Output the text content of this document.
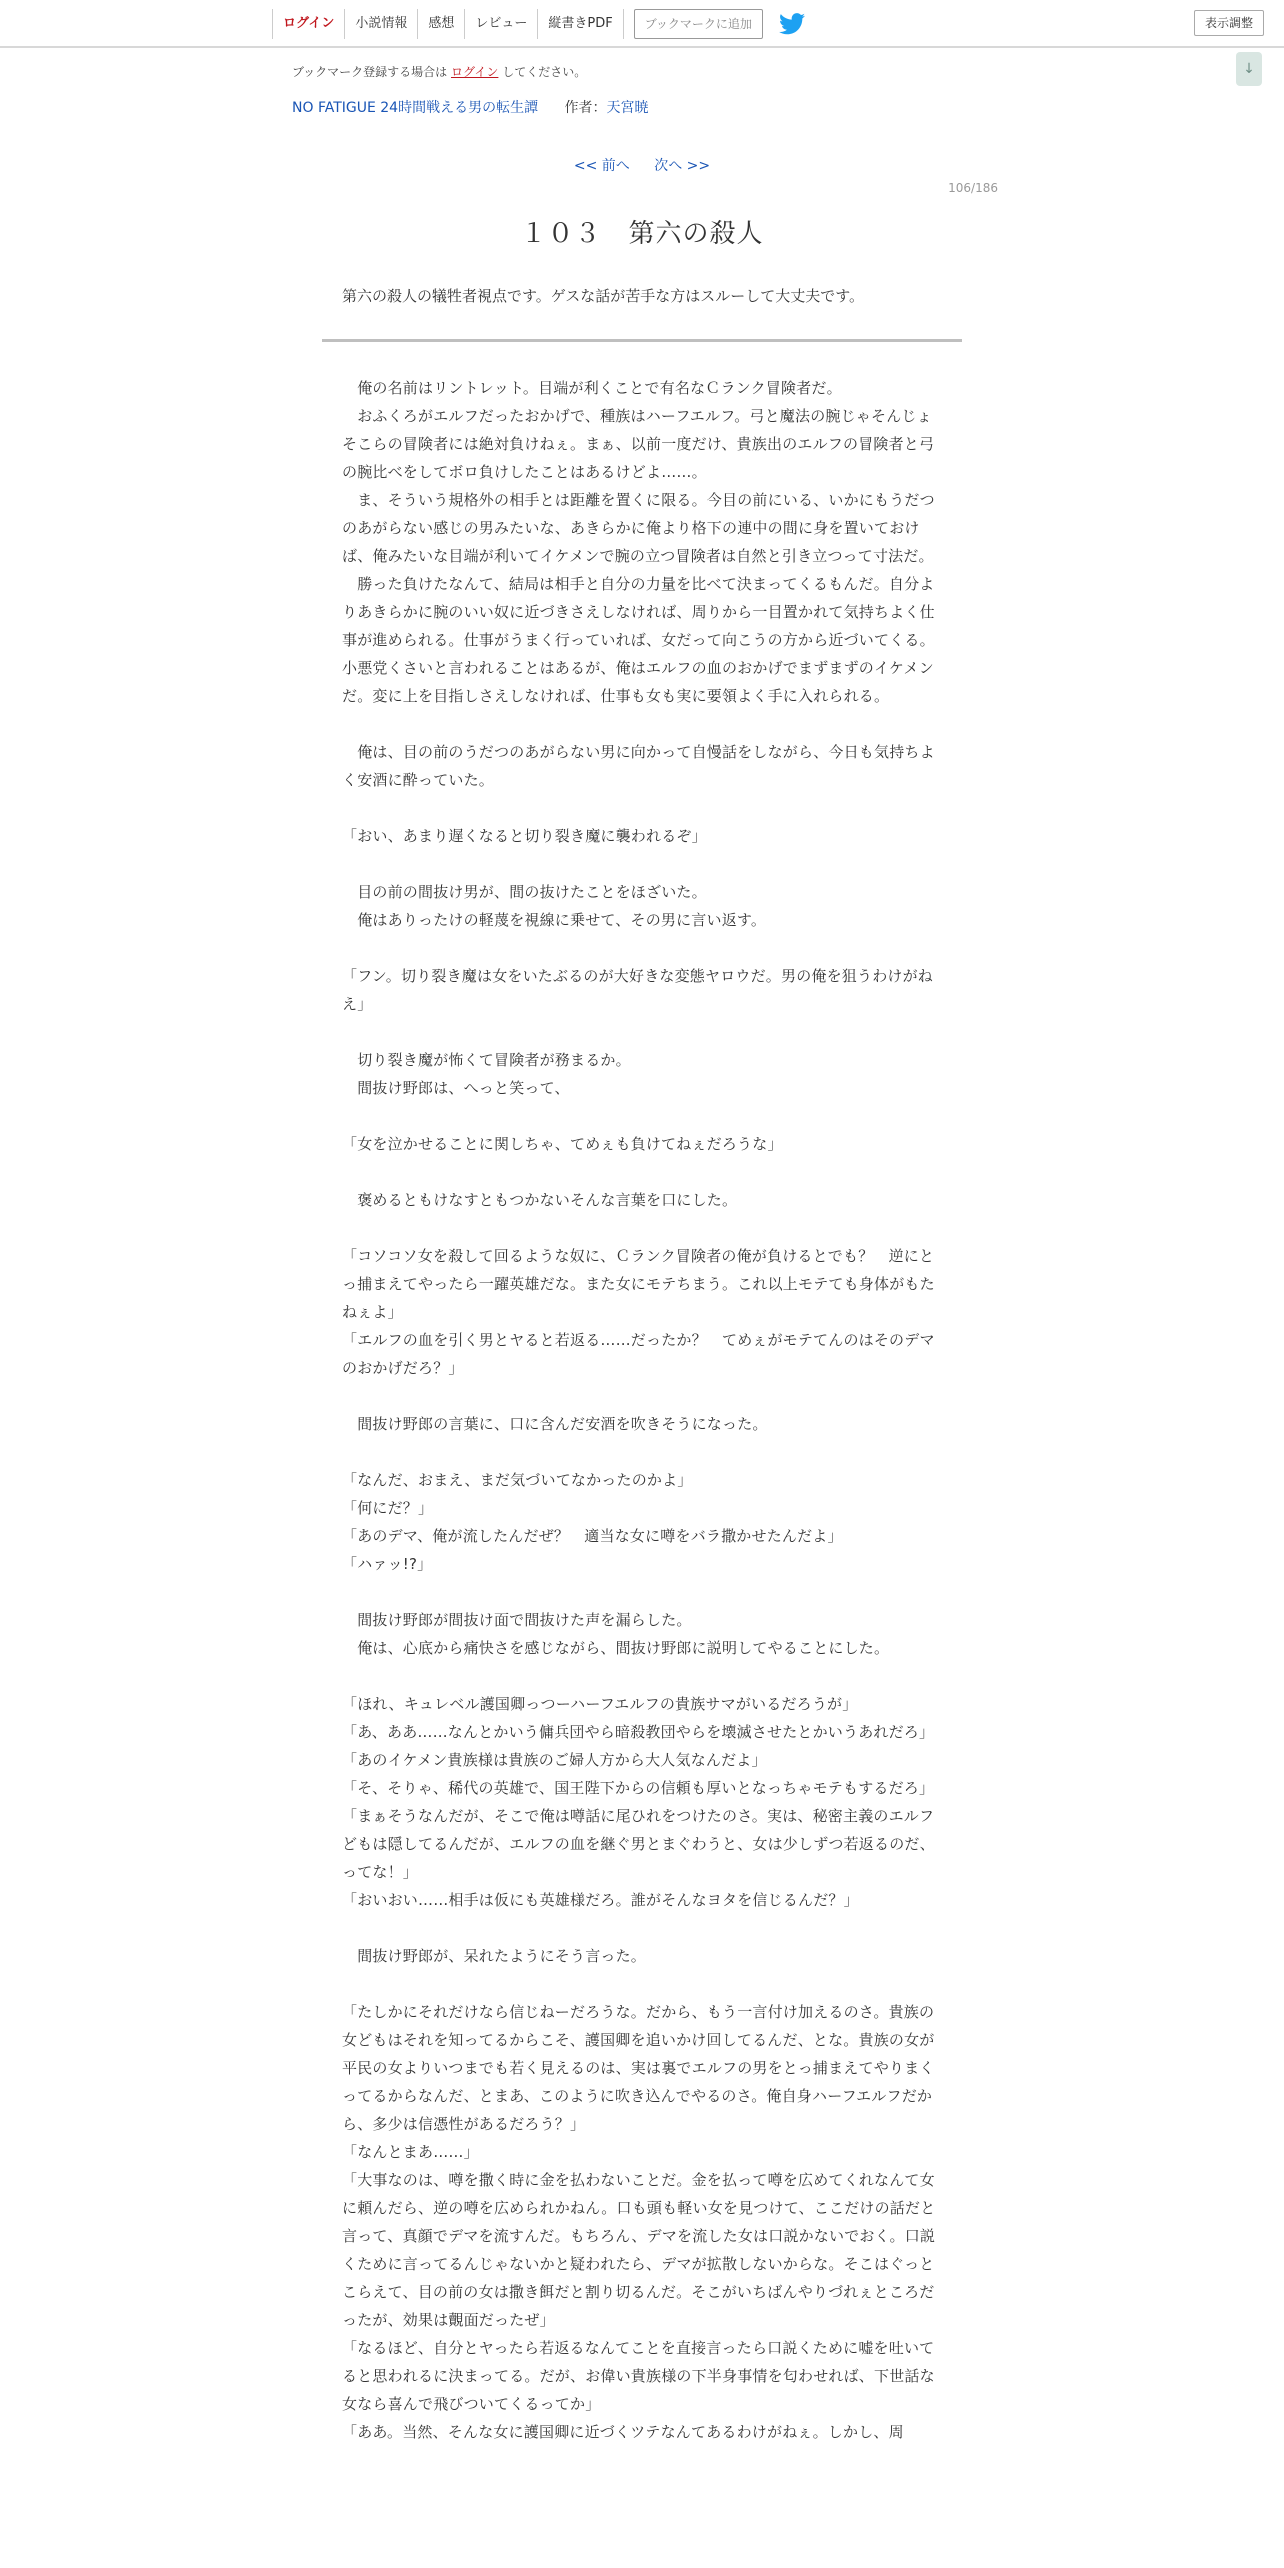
ログイン	小説情報	感想	レビュー	縦書きPDF	ブックマークに追加	表示調整
↓
ブックマーク登録する場合は ログイン してください。
NO FATIGUE 24時間戦える男の転生譚 作者：天宮暁
<< 前へ 次へ >>
106/186
１０３　第六の殺人
第六の殺人の犠牲者視点です。ゲスな話が苦手な方はスルーして大丈夫です。

　俺の名前はリントレット。目端が利くことで有名なＣランク冒険者だ。

　おふくろがエルフだったおかげで、種族はハーフエルフ。弓と魔法の腕じゃそんじょそこらの冒険者には絶対負けねぇ。まぁ、以前一度だけ、貴族出のエルフの冒険者と弓の腕比べをしてボロ負けしたことはあるけどよ……。

　ま、そういう規格外の相手とは距離を置くに限る。今目の前にいる、いかにもうだつのあがらない感じの男みたいな、あきらかに俺より格下の連中の間に身を置いておけば、俺みたいな目端が利いてイケメンで腕の立つ冒険者は自然と引き立つって寸法だ。

　勝った負けたなんて、結局は相手と自分の力量を比べて決まってくるもんだ。自分よりあきらかに腕のいい奴に近づきさえしなければ、周りから一目置かれて気持ちよく仕事が進められる。仕事がうまく行っていれば、女だって向こうの方から近づいてくる。小悪党くさいと言われることはあるが、俺はエルフの血のおかげでまずまずのイケメンだ。変に上を目指しさえしなければ、仕事も女も実に要領よく手に入れられる。

　俺は、目の前のうだつのあがらない男に向かって自慢話をしながら、今日も気持ちよく安酒に酔っていた。

「おい、あまり遅くなると切り裂き魔に襲われるぞ」

　目の前の間抜け男が、間の抜けたことをほざいた。

　俺はありったけの軽蔑を視線に乗せて、その男に言い返す。

「フン。切り裂き魔は女をいたぶるのが大好きな変態ヤロウだ。男の俺を狙うわけがねえ」

　切り裂き魔が怖くて冒険者が務まるか。

　間抜け野郎は、へっと笑って、

「女を泣かせることに関しちゃ、てめぇも負けてねぇだろうな」

　褒めるともけなすともつかないそんな言葉を口にした。

「コソコソ女を殺して回るような奴に、Ｃランク冒険者の俺が負けるとでも？　逆にとっ捕まえてやったら一躍英雄だな。また女にモテちまう。これ以上モテても身体がもたねぇよ」

「エルフの血を引く男とヤると若返る……だったか？　てめぇがモテてんのはそのデマのおかげだろ？」

　間抜け野郎の言葉に、口に含んだ安酒を吹きそうになった。

「なんだ、おまえ、まだ気づいてなかったのかよ」

「何にだ？」

「あのデマ、俺が流したんだぜ？　適当な女に噂をバラ撒かせたんだよ」

「ハァッ!?」

　間抜け野郎が間抜け面で間抜けた声を漏らした。

　俺は、心底から痛快さを感じながら、間抜け野郎に説明してやることにした。

「ほれ、キュレベル護国卿っつーハーフエルフの貴族サマがいるだろうが」

「あ、ああ……なんとかいう傭兵団やら暗殺教団やらを壊滅させたとかいうあれだろ」

「あのイケメン貴族様は貴族のご婦人方から大人気なんだよ」

「そ、そりゃ、稀代の英雄で、国王陛下からの信頼も厚いとなっちゃモテもするだろ」

「まぁそうなんだが、そこで俺は噂話に尾ひれをつけたのさ。実は、秘密主義のエルフどもは隠してるんだが、エルフの血を継ぐ男とまぐわうと、女は少しずつ若返るのだ、ってな！」

「おいおい……相手は仮にも英雄様だろ。誰がそんなヨタを信じるんだ？」

　間抜け野郎が、呆れたようにそう言った。

「たしかにそれだけなら信じねーだろうな。だから、もう一言付け加えるのさ。貴族の女どもはそれを知ってるからこそ、護国卿を追いかけ回してるんだ、とな。貴族の女が平民の女よりいつまでも若く見えるのは、実は裏でエルフの男をとっ捕まえてやりまくってるからなんだ、とまあ、このように吹き込んでやるのさ。俺自身ハーフエルフだから、多少は信憑性があるだろう？」

「なんとまあ……」

「大事なのは、噂を撒く時に金を払わないことだ。金を払って噂を広めてくれなんて女に頼んだら、逆の噂を広められかねん。口も頭も軽い女を見つけて、ここだけの話だと言って、真顔でデマを流すんだ。もちろん、デマを流した女は口説かないでおく。口説くために言ってるんじゃないかと疑われたら、デマが拡散しないからな。そこはぐっとこらえて、目の前の女は撒き餌だと割り切るんだ。そこがいちばんやりづれぇところだったが、効果は覿面だったぜ」

「なるほど、自分とヤったら若返るなんてことを直接言ったら口説くために嘘を吐いてると思われるに決まってる。だが、お偉い貴族様の下半身事情を匂わせれば、下世話な女なら喜んで飛びついてくるってか」

「ああ。当然、そんな女に護国卿に近づくツテなんてあるわけがねぇ。しかし、周
